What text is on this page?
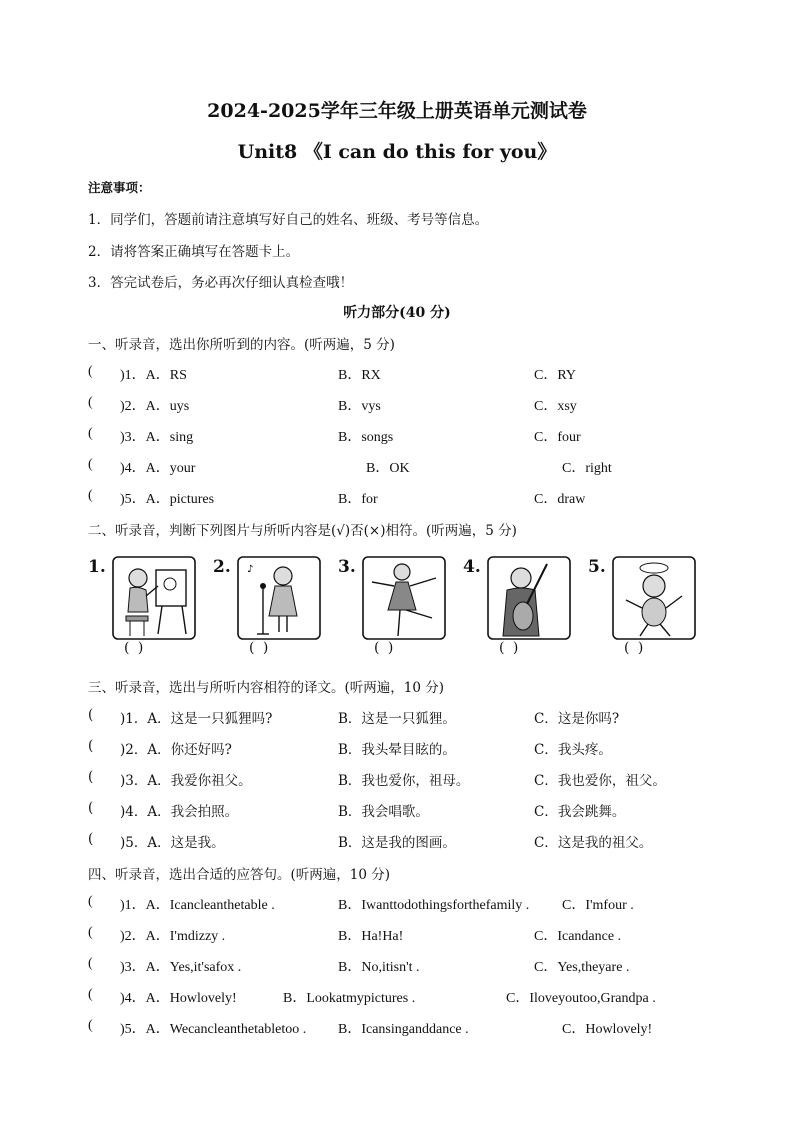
2024-2025学年三年级上册英语单元测试卷
Unit8 《I can do this for you》
注意事项：
1．同学们，答题前请注意填写好自己的姓名、班级、考号等信息。
2．请将答案正确填写在答题卡上。
3．答完试卷后，务必再次仔细认真检查哦！
听力部分(40 分)
一、听录音，选出你所听到的内容。(听两遍，5 分)
( )1．A．RS	B．RX	C．RY
( )2．A．uys	B．vys	C．xsy
( )3．A．sing	B．songs	C．four
( )4．A．your	B．OK	C．right
( )5．A．pictures	B．for	C．draw
二、听录音，判断下列图片与所听内容是(√)否(×)相符。(听两遍，5 分)
1.
( )
2. ♪
( )
3.
( )
4.
( )
5.
( )
三、听录音，选出与所听内容相符的译文。(听两遍，10 分)
( )1．A．这是一只狐狸吗?	B．这是一只狐狸。	C．这是你吗?
( )2．A．你还好吗?	B．我头晕目眩的。	C．我头疼。
( )3．A．我爱你祖父。	B．我也爱你，祖母。	C．我也爱你，祖父。
( )4．A．我会拍照。	B．我会唱歌。	C．我会跳舞。
( )5．A．这是我。	B．这是我的图画。	C．这是我的祖父。
四、听录音，选出合适的应答句。(听两遍，10 分)
( )1．A．Icancleanthetable .	B．Iwanttodothingsforthefamily . C．I'mfour .
( )2．A．I'mdizzy .	B．Ha!Ha!	C．Icandance .
( )3．A．Yes,it'safox .	B．No,itisn't .	C．Yes,theyare .
( )4．A．Howlovely!	B．Lookatmypictures .	C．Iloveyoutoo,Grandpa .
( )5．A．Wecancleanthetabletoo . B．Icansinganddance .	C．Howlovely!
